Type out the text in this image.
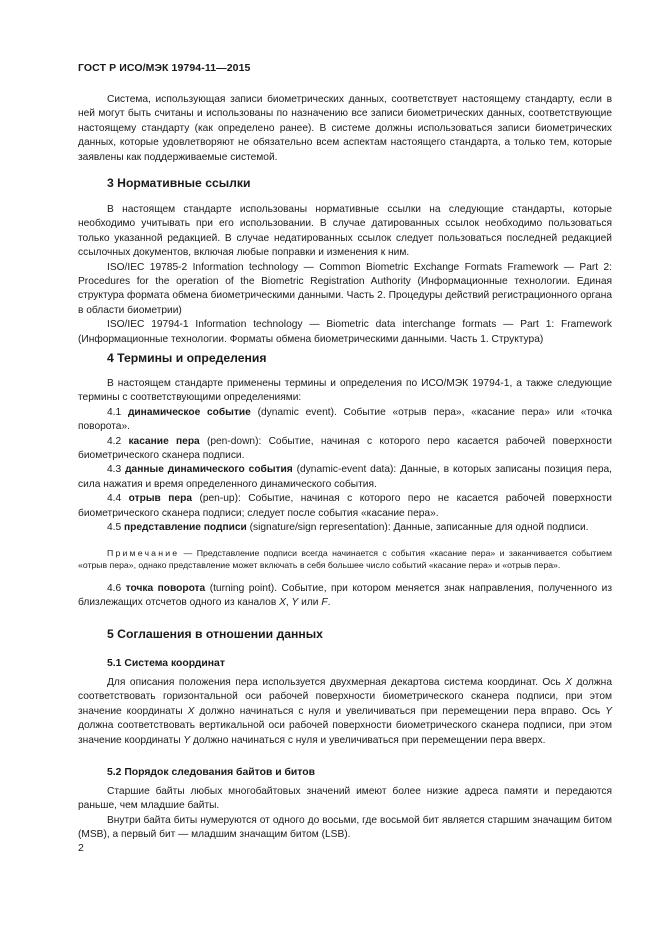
ГОСТ Р ИСО/МЭК 19794-11—2015

Система, использующая записи биометрических данных, соответствует настоящему стандарту, если в ней могут быть считаны и использованы по назначению все записи биометрических данных, соответствующие настоящему стандарту (как определено ранее). В системе должны использоваться записи биометрических данных, которые удовлетворяют не обязательно всем аспектам настоящего стандарта, а только тем, которые заявлены как поддерживаемые системой.

3 Нормативные ссылки

В настоящем стандарте использованы нормативные ссылки на следующие стандарты, которые необходимо учитывать при его использовании. В случае датированных ссылок необходимо пользоваться только указанной редакцией. В случае недатированных ссылок следует пользоваться последней редакцией ссылочных документов, включая любые поправки и изменения к ним.

ISO/IEC 19785-2 Information technology — Common Biometric Exchange Formats Framework — Part 2: Procedures for the operation of the Biometric Registration Authority (Информационные технологии. Единая структура формата обмена биометрическими данными. Часть 2. Процедуры действий регистрационного органа в области биометрии)

ISO/IEC 19794-1 Information technology — Biometric data interchange formats — Part 1: Framework (Информационные технологии. Форматы обмена биометрическими данными. Часть 1. Структура)

4 Термины и определения

В настоящем стандарте применены термины и определения по ИСО/МЭК 19794-1, а также следующие термины с соответствующими определениями:

4.1 динамическое событие (dynamic event). Событие «отрыв пера», «касание пера» или «точка поворота».

4.2 касание пера (pen-down): Событие, начиная с которого перо касается рабочей поверхности биометрического сканера подписи.

4.3 данные динамического события (dynamic-event data): Данные, в которых записаны позиция пера, сила нажатия и время определенного динамического события.

4.4 отрыв пера (pen-up): Событие, начиная с которого перо не касается рабочей поверхности биометрического сканера подписи; следует после события «касание пера».

4.5 представление подписи (signature/sign representation): Данные, записанные для одной подписи.

Примечание — Представление подписи всегда начинается с события «касание пера» и заканчивается событием «отрыв пера», однако представление может включать в себя большее число событий «касание пера» и «отрыв пера».

4.6 точка поворота (turning point). Событие, при котором меняется знак направления, полученного из близлежащих отсчетов одного из каналов X, Y или F.

5 Соглашения в отношении данных
5.1 Система координат

Для описания положения пера используется двухмерная декартова система координат. Ось X должна соответствовать горизонтальной оси рабочей поверхности биометрического сканера подписи, при этом значение координаты X должно начинаться с нуля и увеличиваться при перемещении пера вправо. Ось Y должна соответствовать вертикальной оси рабочей поверхности биометрического сканера подписи, при этом значение координаты Y должно начинаться с нуля и увеличиваться при перемещении пера вверх.

5.2 Порядок следования байтов и битов

Старшие байты любых многобайтовых значений имеют более низкие адреса памяти и передаются раньше, чем младшие байты.

Внутри байта биты нумеруются от одного до восьми, где восьмой бит является старшим значащим битом (MSB), а первый бит — младшим значащим битом (LSB).

2
